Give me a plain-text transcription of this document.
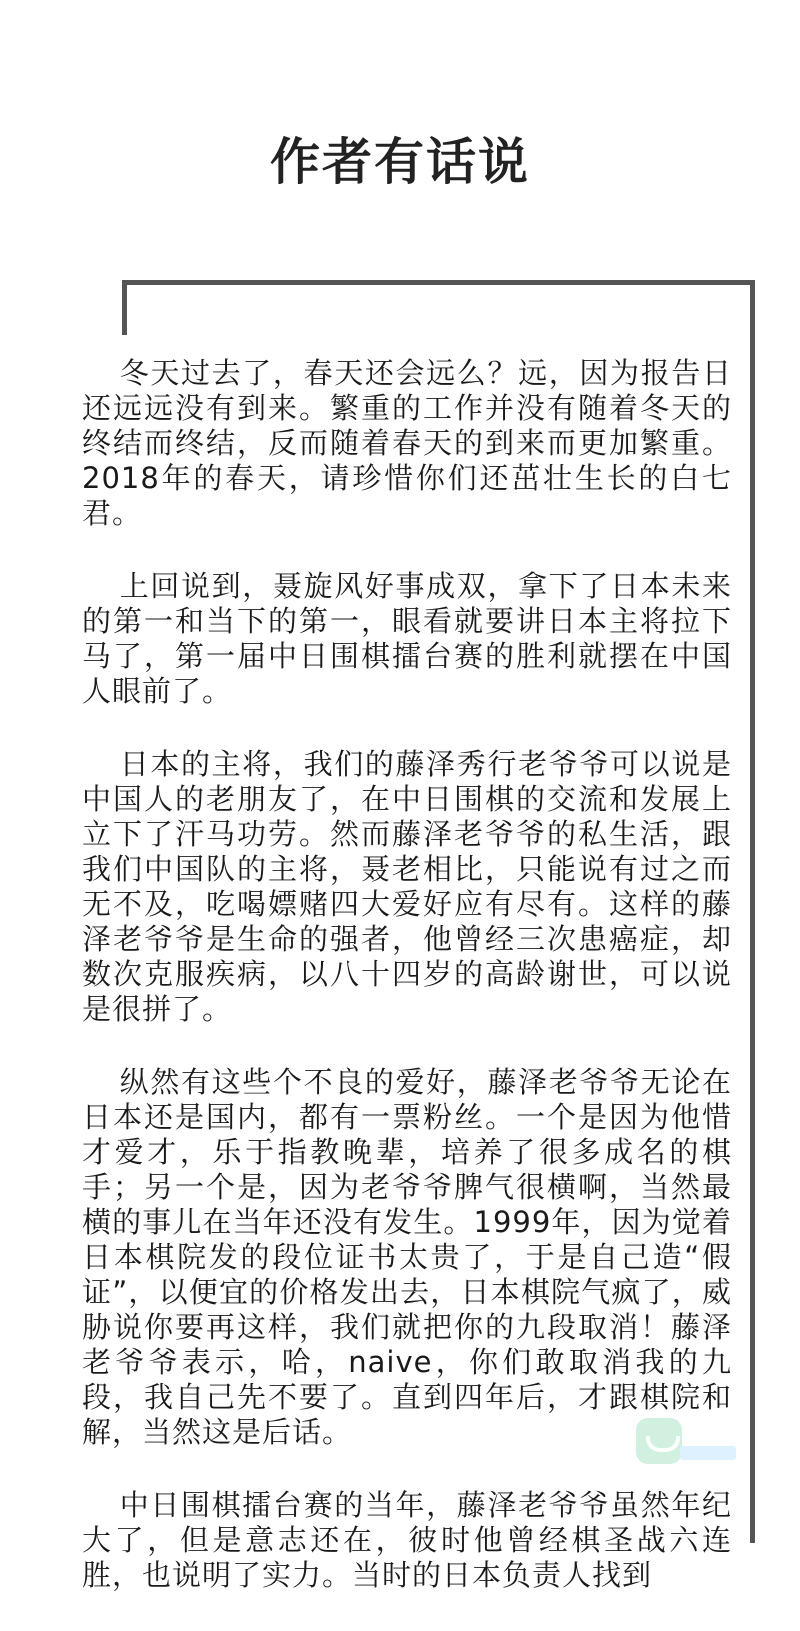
作者有话说

冬天过去了，春天还会远么？远，因为报告日还远远没有到来。繁重的工作并没有随着冬天的终结而终结，反而随着春天的到来而更加繁重。2018年的春天，请珍惜你们还茁壮生长的白七君。

上回说到，聂旋风好事成双，拿下了日本未来的第一和当下的第一，眼看就要讲日本主将拉下马了，第一届中日围棋擂台赛的胜利就摆在中国人眼前了。

日本的主将，我们的藤泽秀行老爷爷可以说是中国人的老朋友了，在中日围棋的交流和发展上立下了汗马功劳。然而藤泽老爷爷的私生活，跟我们中国队的主将，聂老相比，只能说有过之而无不及，吃喝嫖赌四大爱好应有尽有。这样的藤泽老爷爷是生命的强者，他曾经三次患癌症，却数次克服疾病，以八十四岁的高龄谢世，可以说是很拼了。

纵然有这些个不良的爱好，藤泽老爷爷无论在日本还是国内，都有一票粉丝。一个是因为他惜才爱才，乐于指教晚辈，培养了很多成名的棋手；另一个是，因为老爷爷脾气很横啊，当然最横的事儿在当年还没有发生。1999年，因为觉着日本棋院发的段位证书太贵了，于是自己造“假证”，以便宜的价格发出去，日本棋院气疯了，威胁说你要再这样，我们就把你的九段取消！藤泽老爷爷表示，哈，naive，你们敢取消我的九段，我自己先不要了。直到四年后，才跟棋院和解，当然这是后话。

中日围棋擂台赛的当年，藤泽老爷爷虽然年纪大了，但是意志还在，彼时他曾经棋圣战六连胜，也说明了实力。当时的日本负责人找到
